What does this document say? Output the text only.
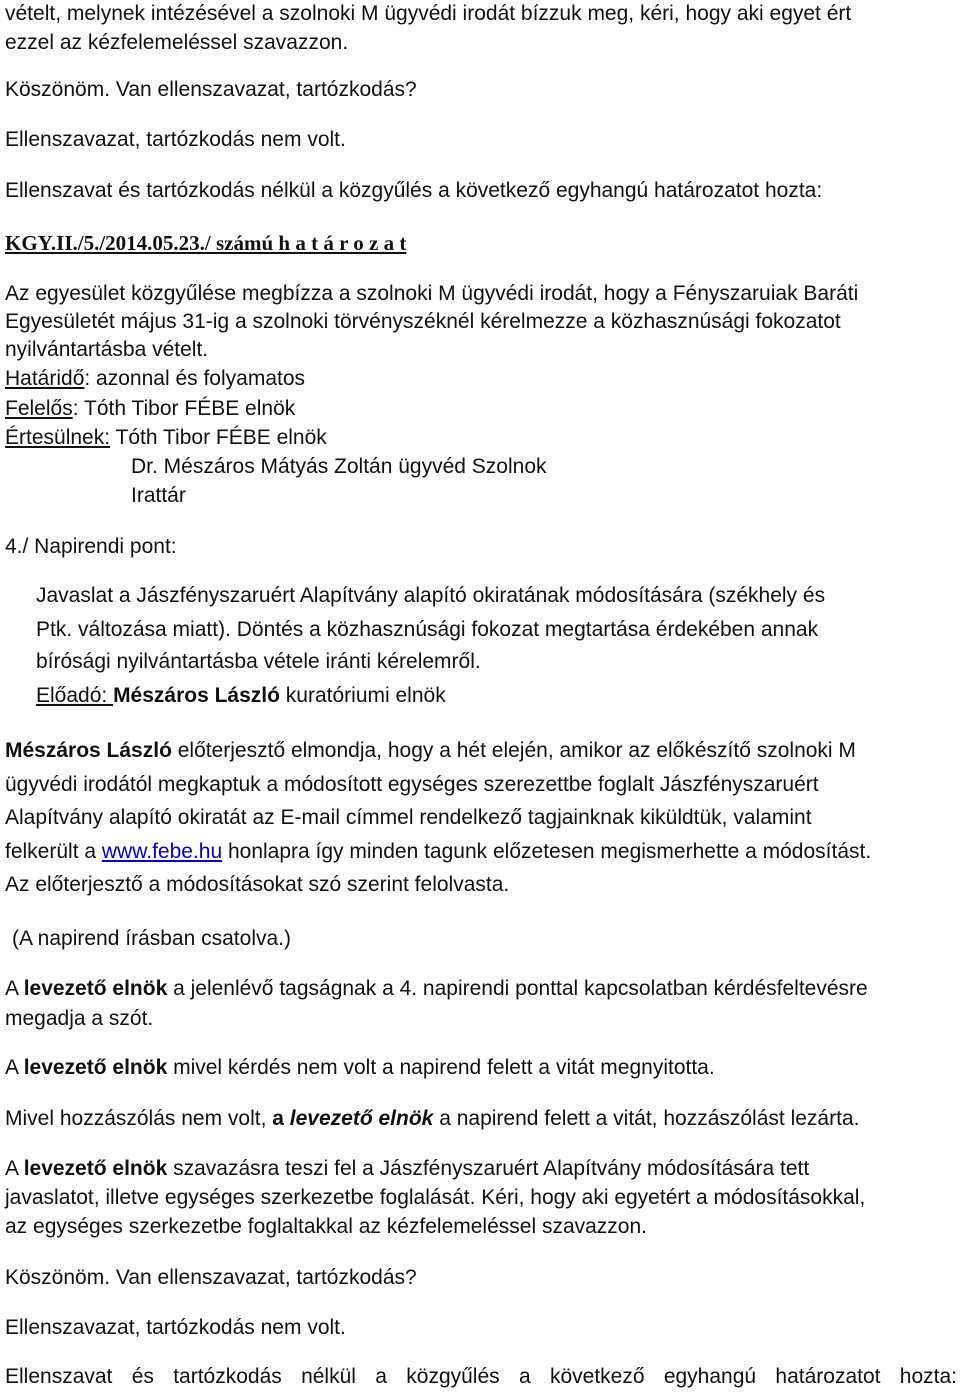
vételt, melynek intézésével a szolnoki M ügyvédi irodát bízzuk meg, kéri, hogy aki egyet ért
ezzel az kézfelemeléssel szavazzon.
Köszönöm. Van ellenszavazat, tartózkodás?
Ellenszavazat, tartózkodás nem volt.
Ellenszavat és tartózkodás nélkül a közgyűlés a következő egyhangú határozatot hozta:
KGY.II./5./2014.05.23./ számú h a t á r o z a t
Az egyesület közgyűlése megbízza a szolnoki M ügyvédi irodát, hogy a Fényszaruiak Baráti
Egyesületét május 31-ig a szolnoki törvényszéknél kérelmezze a közhasznúsági fokozatot
nyilvántartásba vételt.
Határidő: azonnal és folyamatos
Felelős: Tóth Tibor FÉBE elnök
Értesülnek: Tóth Tibor FÉBE elnök
Dr. Mészáros Mátyás Zoltán ügyvéd Szolnok
Irattár
4./ Napirendi pont:
Javaslat a Jászfényszaruért Alapítvány alapító okiratának módosítására (székhely és
Ptk. változása miatt). Döntés a közhasznúsági fokozat megtartása érdekében annak
bírósági nyilvántartásba vétele iránti kérelemről.
Előadó: Mészáros László kuratóriumi elnök
Mészáros László előterjesztő elmondja, hogy a hét elején, amikor az előkészítő szolnoki M
ügyvédi irodától megkaptuk a módosított egységes szerezettbe foglalt Jászfényszaruért
Alapítvány alapító okiratát az E-mail címmel rendelkező tagjainknak kiküldtük, valamint
felkerült a www.febe.hu honlapra így minden tagunk előzetesen megismerhette a módosítást.
Az előterjesztő a módosításokat szó szerint felolvasta.
(A napirend írásban csatolva.)
A levezető elnök a jelenlévő tagságnak a 4. napirendi ponttal kapcsolatban kérdésfeltevésre
megadja a szót.
A levezető elnök mivel kérdés nem volt a napirend felett a vitát megnyitotta.
Mivel hozzászólás nem volt, a levezető elnök a napirend felett a vitát, hozzászólást lezárta.
A levezető elnök szavazásra teszi fel a Jászfényszaruért Alapítvány módosítására tett
javaslatot, illetve egységes szerkezetbe foglalását. Kéri, hogy aki egyetért a módosításokkal,
az egységes szerkezetbe foglaltakkal az kézfelemeléssel szavazzon.
Köszönöm. Van ellenszavazat, tartózkodás?
Ellenszavazat, tartózkodás nem volt.
Ellenszavat és tartózkodás nélkül a közgyűlés a következő egyhangú határozatot hozta:
